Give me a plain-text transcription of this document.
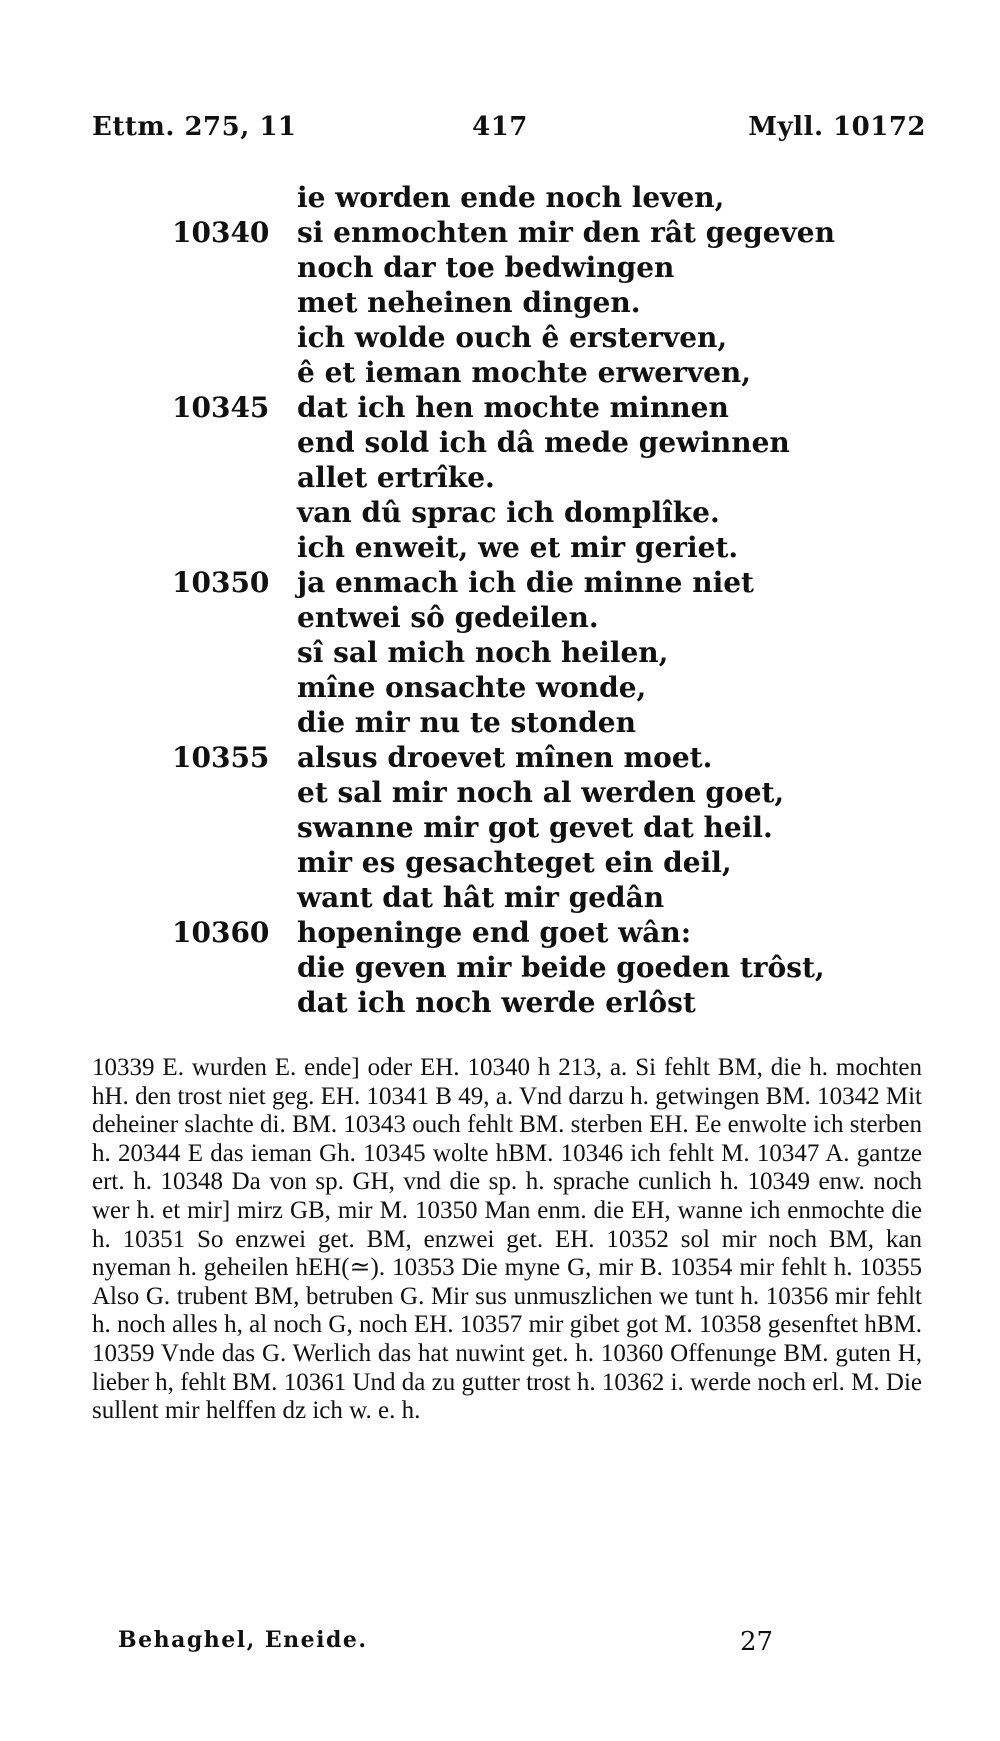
Ettm. 275, 11	417	Myll. 10172
ie worden ende noch leven,
10340 si enmochten mir den rât gegeven
noch dar toe bedwingen
met neheinen dingen.
ich wolde ouch ê ersterven,
ê et ieman mochte erwerven,
10345 dat ich hen mochte minnen
end sold ich dâ mede gewinnen
allet ertrîke.
van dû sprac ich domplîke.
ich enweit, we et mir geriet.
10350 ja enmach ich die minne niet
entwei sô gedeilen.
sî sal mich noch heilen,
mîne onsachte wonde,
die mir nu te stonden
10355 alsus droevet mînen moet.
et sal mir noch al werden goet,
swanne mir got gevet dat heil.
mir es gesachteget ein deil,
want dat hât mir gedân
10360 hopeninge end goet wân:
die geven mir beide goeden trôst,
dat ich noch werde erlôst

10339 E. wurden E. ende] oder EH. 10340 h 213, a. Si fehlt BM, die h. mochten hH. den trost niet geg. EH. 10341 B 49, a. Vnd darzu h. getwingen BM. 10342 Mit deheiner slachte di. BM. 10343 ouch fehlt BM. sterben EH. Ee enwolte ich sterben h. 20344 E das ieman Gh. 10345 wolte hBM. 10346 ich fehlt M. 10347 A. gantze ert. h. 10348 Da von sp. GH, vnd die sp. h. sprache cunlich h. 10349 enw. noch wer h. et mir] mirz GB, mir M. 10350 Man enm. die EH, wanne ich enmochte die h. 10351 So enzwei get. BM, enzwei get. EH. 10352 sol mir noch BM, kan nyeman h. geheilen hEH(≃). 10353 Die myne G, mir B. 10354 mir fehlt h. 10355 Also G. trubent BM, betruben G. Mir sus unmuszlichen we tunt h. 10356 mir fehlt h. noch alles h, al noch G, noch EH. 10357 mir gibet got M. 10358 gesenftet hBM. 10359 Vnde das G. Werlich das hat nuwint get. h. 10360 Offenunge BM. guten H, lieber h, fehlt BM. 10361 Und da zu gutter trost h. 10362 i. werde noch erl. M. Die sullent mir helffen dz ich w. e. h.

Behaghel, Eneide.	27
